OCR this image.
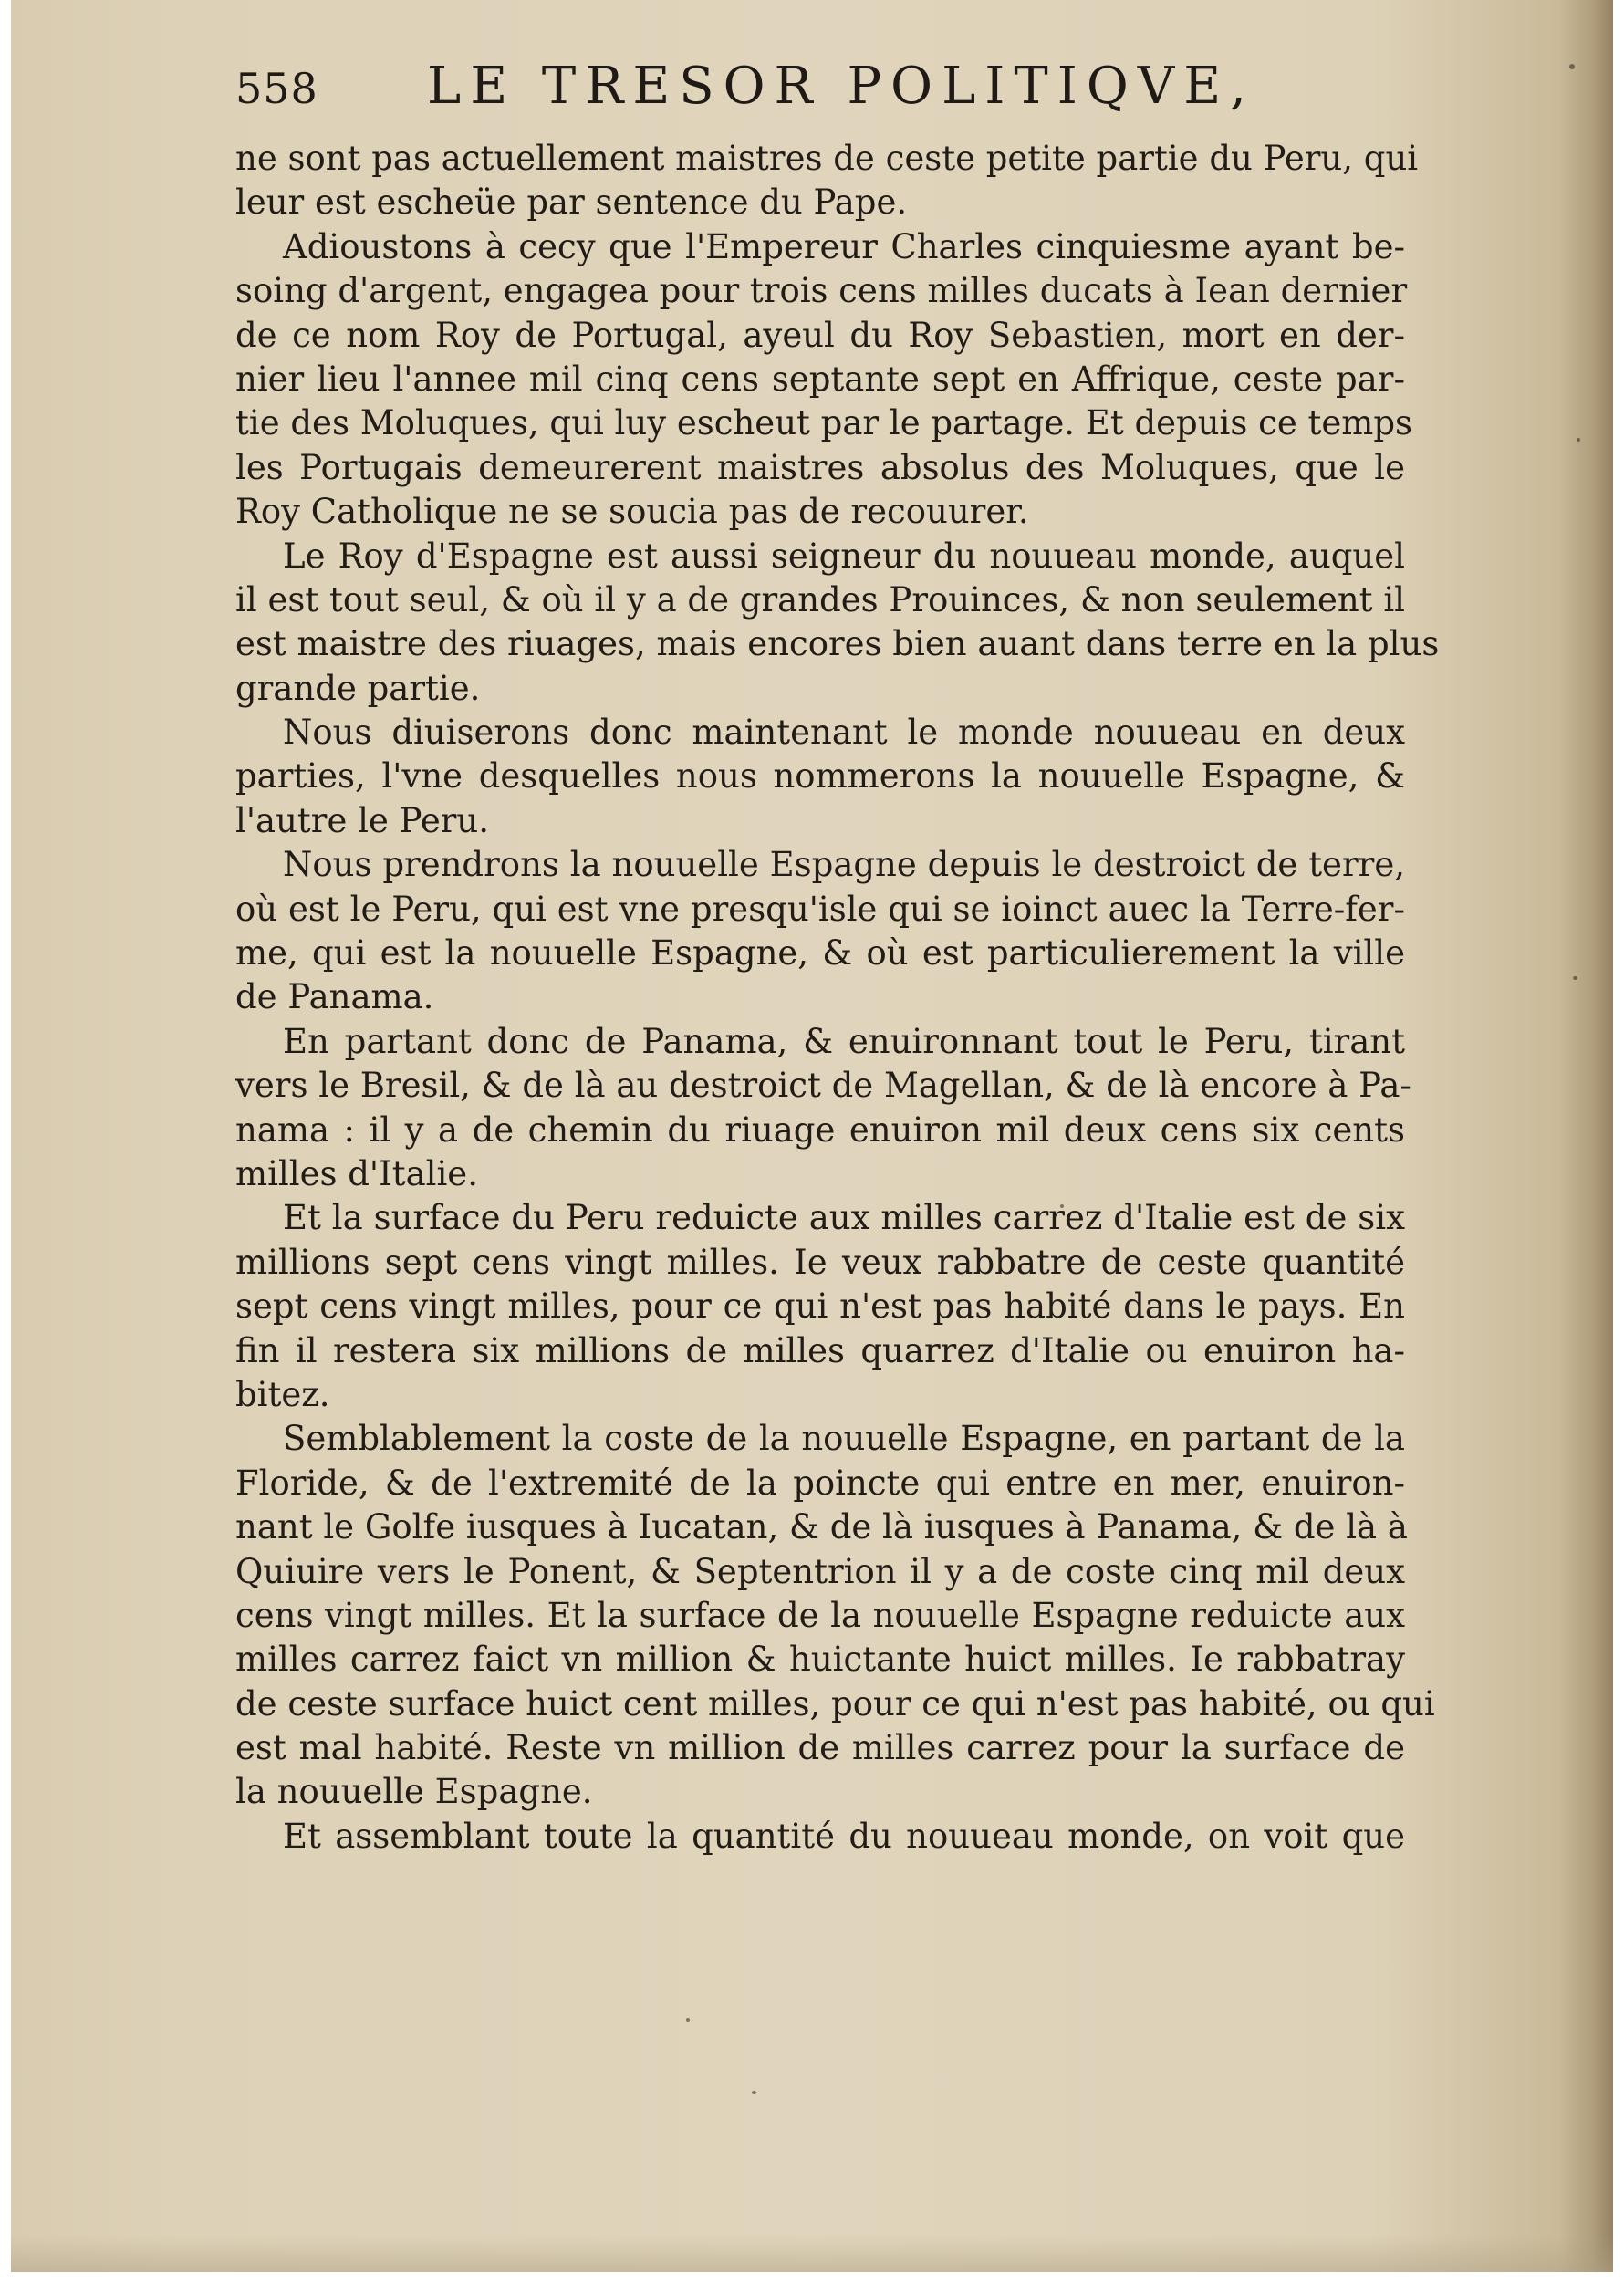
558 LE TRESOR POLITIQVE,
ne sont pas actuellement maistres de ceste petite partie du Peru, qui
leur est escheüe par sentence du Pape.
Adioustons à cecy que l'Empereur Charles cinquiesme ayant be-
soing d'argent, engagea pour trois cens milles ducats à Iean dernier
de ce nom Roy de Portugal, ayeul du Roy Sebastien, mort en der-
nier lieu l'annee mil cinq cens septante sept en Affrique, ceste par-
tie des Moluques, qui luy escheut par le partage. Et depuis ce temps
les Portugais demeurerent maistres absolus des Moluques, que le
Roy Catholique ne se soucia pas de recouurer.
Le Roy d'Espagne est aussi seigneur du nouueau monde, auquel
il est tout seul, & où il y a de grandes Prouinces, & non seulement il
est maistre des riuages, mais encores bien auant dans terre en la plus
grande partie.
Nous diuiserons donc maintenant le monde nouueau en deux
parties, l'vne desquelles nous nommerons la nouuelle Espagne, &
l'autre le Peru.
Nous prendrons la nouuelle Espagne depuis le destroict de terre,
où est le Peru, qui est vne presqu'isle qui se ioinct auec la Terre-fer-
me, qui est la nouuelle Espagne, & où est particulierement la ville
de Panama.
En partant donc de Panama, & enuironnant tout le Peru, tirant
vers le Bresil, & de là au destroict de Magellan, & de là encore à Pa-
nama : il y a de chemin du riuage enuiron mil deux cens six cents
milles d'Italie.
Et la surface du Peru reduicte aux milles carrez d'Italie est de six
millions sept cens vingt milles. Ie veux rabbatre de ceste quantité
sept cens vingt milles, pour ce qui n'est pas habité dans le pays. En
fin il restera six millions de milles quarrez d'Italie ou enuiron ha-
bitez.
Semblablement la coste de la nouuelle Espagne, en partant de la
Floride, & de l'extremité de la poincte qui entre en mer, enuiron-
nant le Golfe iusques à Iucatan, & de là iusques à Panama, & de là à
Quiuire vers le Ponent, & Septentrion il y a de coste cinq mil deux
cens vingt milles. Et la surface de la nouuelle Espagne reduicte aux
milles carrez faict vn million & huictante huict milles. Ie rabbatray
de ceste surface huict cent milles, pour ce qui n'est pas habité, ou qui
est mal habité. Reste vn million de milles carrez pour la surface de
la nouuelle Espagne.
Et assemblant toute la quantité du nouueau monde, on voit que
